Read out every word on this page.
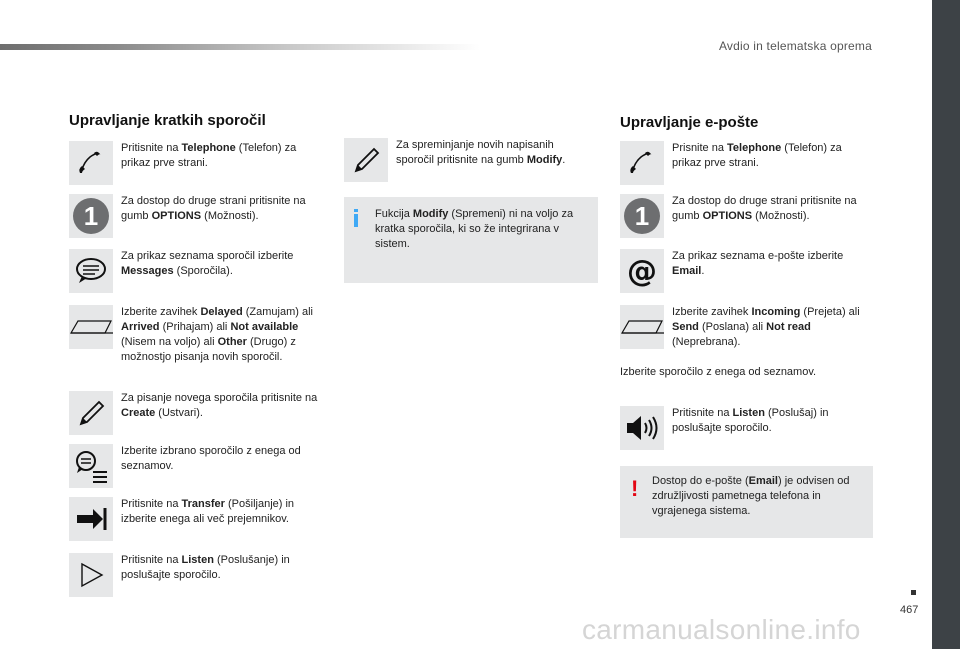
Avdio in telematska oprema
Upravljanje kratkih sporočil	Upravljanje e-pošte
Pritisnite na Telephone (Telefon) za prikaz prve strani.
1 Za dostop do druge strani pritisnite na gumb OPTIONS (Možnosti).
Za prikaz seznama sporočil izberite Messages (Sporočila).
Izberite zavihek Delayed (Zamujam) ali Arrived (Prihajam) ali Not available (Nisem na voljo) ali Other (Drugo) z možnostjo pisanja novih sporočil.
Za pisanje novega sporočila pritisnite na Create (Ustvari).
Izberite izbrano sporočilo z enega od seznamov.
Pritisnite na Transfer (Pošiljanje) in izberite enega ali več prejemnikov.
Pritisnite na Listen (Poslušanje) in poslušajte sporočilo.
Za spreminjanje novih napisanih sporočil pritisnite na gumb Modify.
Fukcija Modify (Spremeni) ni na voljo za kratka sporočila, ki so že integrirana v sistem.
Prisnite na Telephone (Telefon) za prikaz prve strani.
1 Za dostop do druge strani pritisnite na gumb OPTIONS (Možnosti).
@ Za prikaz seznama e-pošte izberite Email.
Izberite zavihek Incoming (Prejeta) ali Send (Poslana) ali Not read (Neprebrana).
Izberite sporočilo z enega od seznamov.
Pritisnite na Listen (Poslušaj) in poslušajte sporočilo.
! Dostop do e-pošte (Email) je odvisen od združljivosti pametnega telefona in vgrajenega sistema.
467
carmanualsonline.info
